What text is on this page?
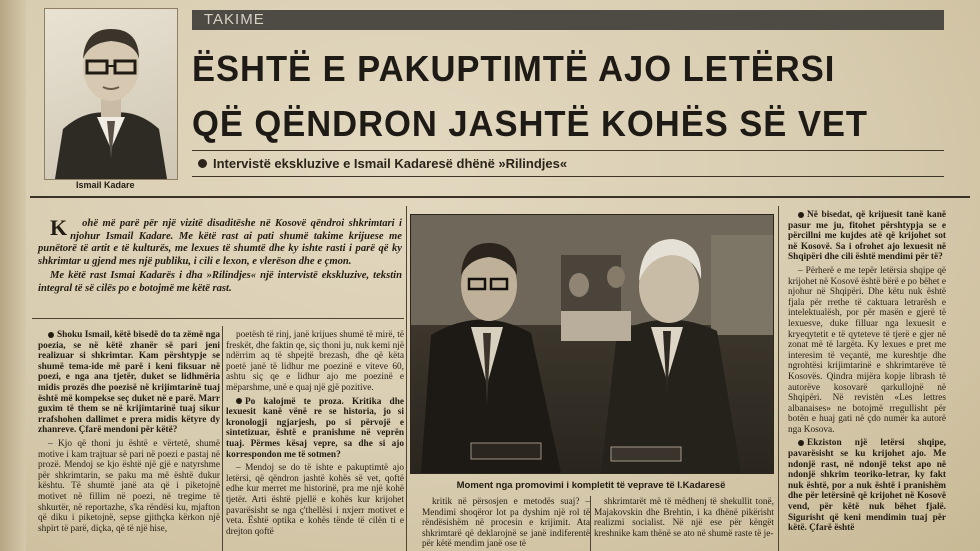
Ismail Kadare
TAKIME
ËSHTË E PAKUPTIMTË AJO LETËRSI
QË QËNDRON JASHTË KOHËS SË VET
Intervistë ekskluzive e Ismail Kadaresë dhënë »Rilindjes«

K ohë më parë për një vizitë disaditëshe në Kosovë qëndroi shkrimtari i njohur Ismail Kadare. Me këtë rast ai pati shumë takime krijuese me punëtorë të artit e të kulturës, me lexues të shumtë dhe ky ishte rasti i parë që ky shkrimtar u gjend mes një publiku, i cili e lexon, e vlerëson dhe e çmon.

Me këtë rast Ismai Kadarës i dha »Rilindjes« një intervistë ekskluzive, tekstin integral të së cilës po e botojmë me këtë rast.

Shoku Ismail, këtë bisedë do ta zëmë nga poezia, se në këtë zhanër së pari jeni realizuar si shkrimtar. Kam përshtypje se shumë tema-ide më parë i keni fiksuar në poezi, e nga ana tjetër, duket se lidhmëria midis prozës dhe poezisë në krijimtarinë tuaj është më kompekse seç duket në e parë. Marr guxim të them se në krijimtarinë tuaj sikur rrafshohen dallimet e prera midis këtyre dy zhanreve. Çfarë mendoni për këtë?

– Kjo që thoni ju është e vërtetë, shumë motive i kam trajtuar së pari në poezi e pastaj në prozë. Mendoj se kjo është një gjë e natyrshme për shkrimtarin, se paku ma më është dukur kështu. Të shumtë janë ata që i piketojnë motivet në fillim në poezi, në tregime të shkurtër, në reportazhe, s'ka rëndësi ku, mjafton që diku i piketojnë, sepse gjithçka kërkon një shpirt të parë, diçka, që të një hise,

poetësh të rinj, janë krijues shumë të mirë, të freskët, dhe faktin qe, siç thoni ju, nuk kemi një ndërrim aq të shpejtë brezash, dhe që këta poetë janë të lidhur me poezinë e viteve 60, ashtu siç qe e lidhur ajo me poezinë e mëparshme, unë e quaj një gjë pozitive.

Po kalojmë te proza. Kritika dhe lexuesit kanë vënë re se historia, jo si kronologji ngjarjesh, po si përvojë e sintetizuar, është e pranishme në veprën tuaj. Përmes kësaj vepre, sa dhe si ajo korrespondon me të sotmen?

– Mendoj se do të ishte e pakuptimtë ajo letërsi, që qëndron jashtë kohës së vet, qoftë edhe kur merret me historinë, pra me një kohë tjetër. Arti është pjellë e kohës kur krijohet pavarësisht se nga ç'thellësi i nxjerr motivet e veta. Është optika e kohës tënde të cilën ti e drejton qoftë

Moment nga promovimi i kompletit të veprave të I.Kadaresë

kritik në përsosjen e metodës suaj? – Mendimi shoqëror lot pa dyshim një rol të rëndësishëm në procesin e krijimit. Ata shkrimtarë që deklarojnë se janë indiferentë për këtë mendim janë ose të

shkrimtarët më të mëdhenj të shekullit tonë, Majakovskin dhe Brehtin, i ka dhënë pikërisht realizmi socialist. Në një ese për këngët kreshnike kam thënë se ato në shumë raste të je-

Në bisedat, që krijuesit tanë kanë pasur me ju, fitohet përshtypja se e përcillni me kujdes atë që krijohet sot në Kosovë. Sa i ofrohet ajo lexuesit në Shqipëri dhe cili është mendimi për të?

– Përherë e me tepër letërsia shqipe që krijohet në Kosovë është bërë e po bëhet e njohur në Shqipëri. Dhe këtu nuk është fjala për rrethe të caktuara letrarësh e intelektualësh, por për masën e gjerë të lexuesve, duke filluar nga lexuesit e kryeqytetit e të qyteteve të tjerë e gjer në zonat më të largëta. Ky lexues e pret me interesim të veçantë, me kureshtje dhe ngrohtësi krijimtarinë e shkrimtarëve të Kosovës. Qindra mijëra kopje librash të autorëve kosovarë qarkullojnë në Shqipëri. Në revistën «Les lettres albanaises» ne botojmë rregullisht për botën e huaj gati në çdo numër ka autorë nga Kosova.

Ekziston një letërsi shqipe, pavarësisht se ku krijohet ajo. Me ndonjë rast, në ndonjë tekst apo në ndonjë shkrim teoriko-letrar, ky fakt nuk është, por a nuk është i pranishëm dhe për letërsinë që krijohet në Kosovë vend, për këtë nuk bëhet fjalë. Sigurisht që keni mendimin tuaj për këtë. Çfarë është
